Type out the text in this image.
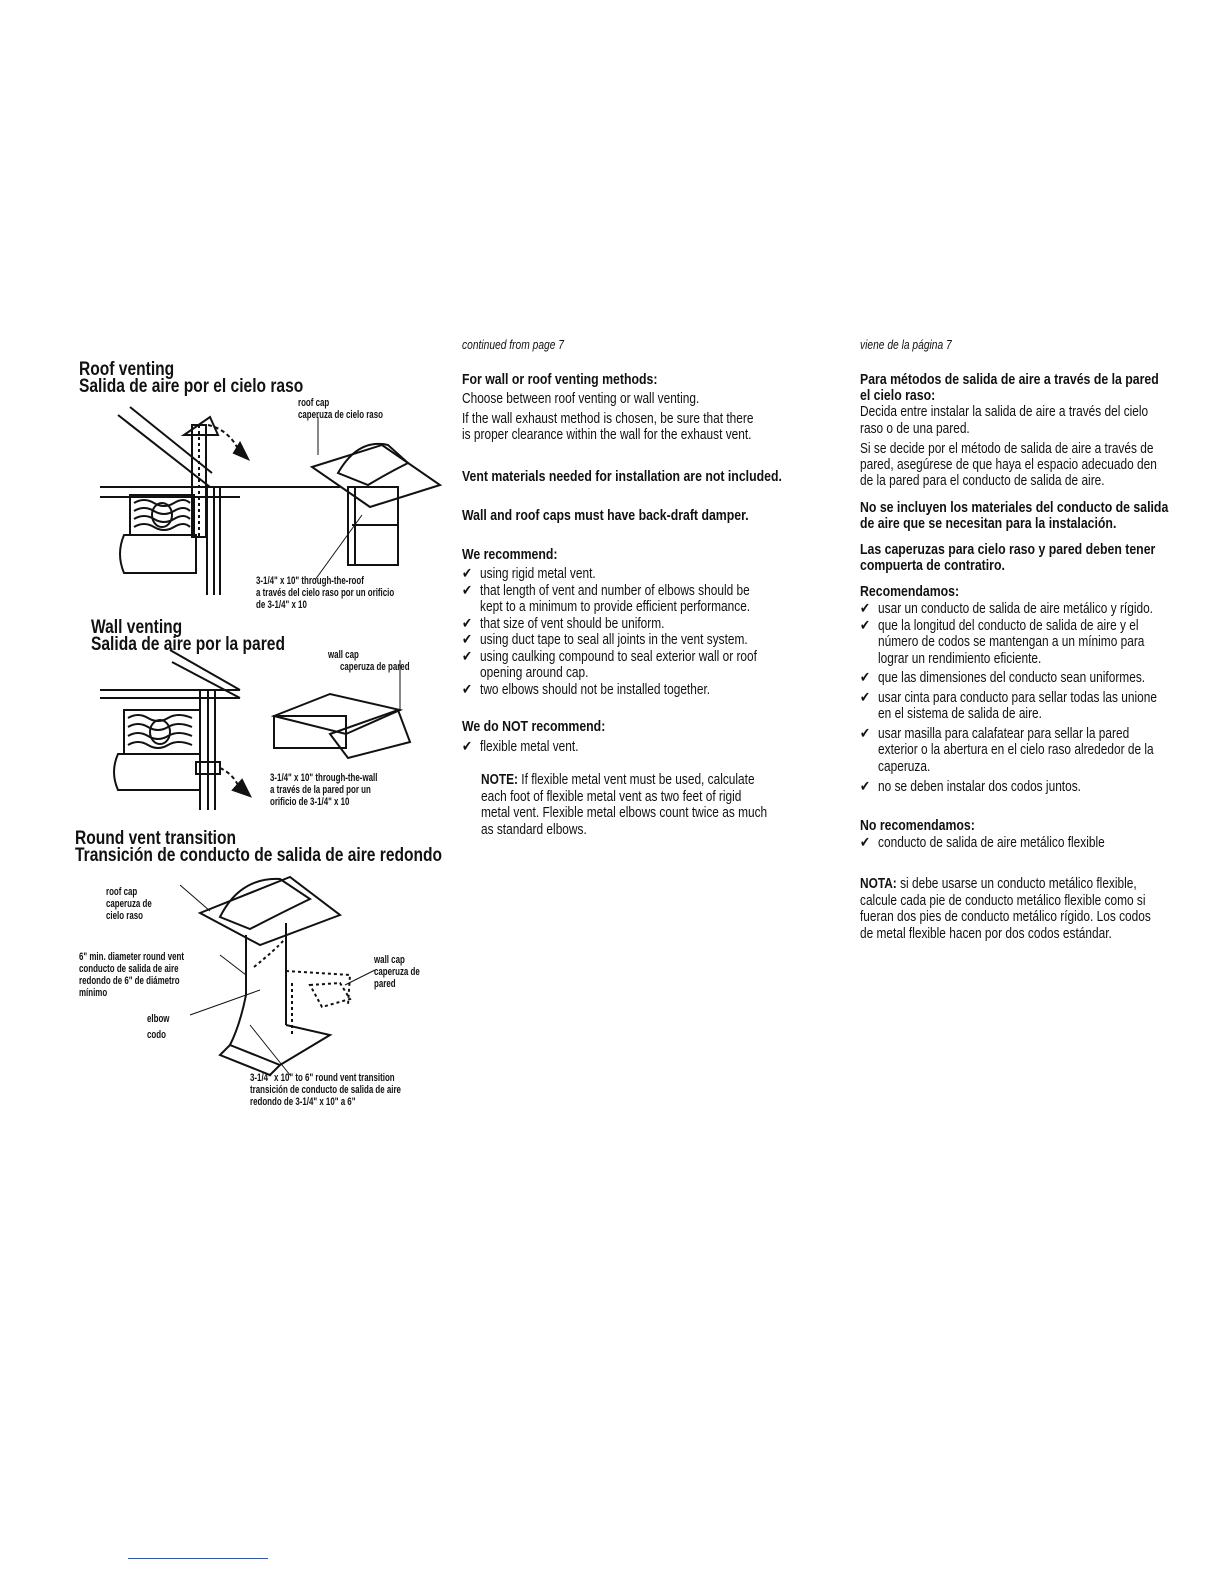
Roof venting
Salida de aire por el cielo raso
roof cap
caperuza de cielo raso
3-1/4" x 10" through-the-roof
a través del cielo raso por un orificio
de 3-1/4" x 10
Wall venting
Salida de aire por la pared	wall cap
caperuza de pared
3-1/4" x 10" through-the-wall
a través de la pared por un
orificio de 3-1/4" x 10
Round vent transition
Transición de conducto de salida de aire redondo
roof cap
caperuza de
cielo raso
6" min. diameter round vent
conducto de salida de aire
redondo de 6" de diámetro
mínimo
wall cap
caperuza de
pared
elbow
codo
3-1/4" x 10" to 6" round vent transition
transición de conducto de salida de aire
redondo de 3-1/4" x 10" a 6"
continued from page 7
For wall or roof venting methods:
Choose between roof venting or wall venting.
If the wall exhaust method is chosen, be sure that there
is proper clearance within the wall for the exhaust vent.
Vent materials needed for installation are not included.
Wall and roof caps must have back-draft damper.
We recommend:
✔ using rigid metal vent.
✔ that length of vent and number of elbows should be
kept to a minimum to provide efficient performance.
✔ that size of vent should be uniform.
✔ using duct tape to seal all joints in the vent system.
✔ using caulking compound to seal exterior wall or roof
opening around cap.
✔ two elbows should not be installed together.
We do NOT recommend:
✔ flexible metal vent.
NOTE: If flexible metal vent must be used, calculate
each foot of flexible metal vent as two feet of rigid
metal vent. Flexible metal elbows count twice as much
as standard elbows.
viene de la página 7
Para métodos de salida de aire a través de la pared
el cielo raso:
Decida entre instalar la salida de aire a través del cielo
raso o de una pared.
Si se decide por el método de salida de aire a través de
pared, asegúrese de que haya el espacio adecuado den
de la pared para el conducto de salida de aire.
No se incluyen los materiales del conducto de salida
de aire que se necesitan para la instalación.
Las caperuzas para cielo raso y pared deben tener
compuerta de contratiro.
Recomendamos:
✔ usar un conducto de salida de aire metálico y rígido.
✔ que la longitud del conducto de salida de aire y el
número de codos se mantengan a un mínimo para
lograr un rendimiento eficiente.
✔ que las dimensiones del conducto sean uniformes.
✔ usar cinta para conducto para sellar todas las unione
en el sistema de salida de aire.
✔ usar masilla para calafatear para sellar la pared
exterior o la abertura en el cielo raso alrededor de la
caperuza.
✔ no se deben instalar dos codos juntos.
No recomendamos:
✔ conducto de salida de aire metálico flexible
NOTA: si debe usarse un conducto metálico flexible,
calcule cada pie de conducto metálico flexible como si
fueran dos pies de conducto metálico rígido. Los codos
de metal flexible hacen por dos codos estándar.
